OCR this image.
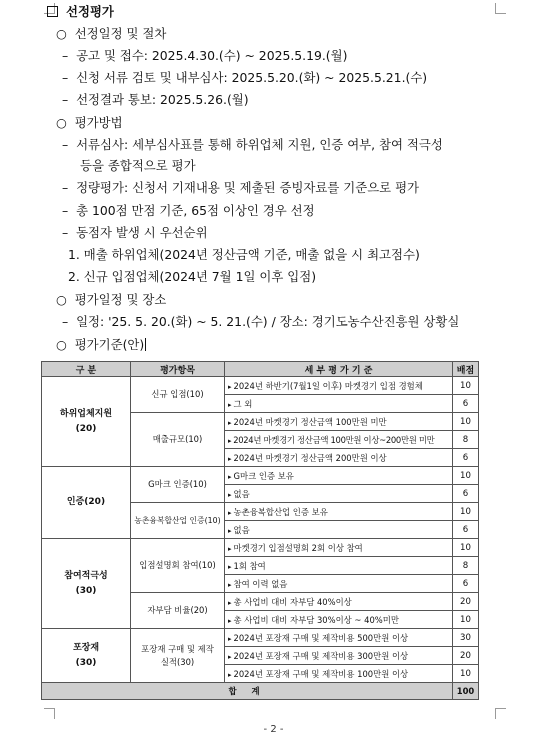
선정평가
○  선정일정 및 절차
–  공고 및 접수: 2025.4.30.(수) ~ 2025.5.19.(월)
–  신청 서류 검토 및 내부심사: 2025.5.20.(화) ~ 2025.5.21.(수)
–  선정결과 통보: 2025.5.26.(월)
○  평가방법
–  서류심사: 세부심사표를 통해 하위업체 지원, 인증 여부, 참여 적극성
등을 종합적으로 평가
–  정량평가: 신청서 기재내용 및 제출된 증빙자료를 기준으로 평가
–  총 100점 만점 기준, 65점 이상인 경우 선정
–  동점자 발생 시 우선순위
1. 매출 하위업체(2024년 정산금액 기준, 매출 없을 시 최고점수)
2. 신규 입점업체(2024년 7월 1일 이후 입점)
○  평가일정 및 장소
–  일정: '25. 5. 20.(화) ~ 5. 21.(수) / 장소: 경기도농수산진흥원 상황실
○  평가기준(안)
구 분	평가항목	세 부 평 가 기 준	배점
하위업체지원
(20)	신규 입점(10)	▸ 2024년 하반기(7월1일 이후) 마켓경기 입점 경험체	10
		▸ 그 외	6
	매출규모(10)	▸ 2024년 마켓경기 정산금액 100만원 미만	10
		▸ 2024년 마켓경기 정산금액 100만원 이상~200만원 미만	8
		▸ 2024년 마켓경기 정산금액 200만원 이상	6
인증(20)	G마크 인증(10)	▸ G마크 인증 보유	10
		▸ 없음	6
	농촌융복합산업 인증(10)	▸ 농촌융복합산업 인증 보유	10
		▸ 없음	6
참여적극성
(30)	입점설명회 참여(10)	▸ 마켓경기 입점설명회 2회 이상 참여	10
		▸ 1회 참여	8
		▸ 참여 이력 없음	6
	자부담 비율(20)	▸ 총 사업비 대비 자부담 40%이상	20
		▸ 총 사업비 대비 자부담 30%이상 ~ 40%미만	10
포장재
(30)	포장재 구매 및 제작
실적(30)	▸ 2024년 포장재 구매 및 제작비용 500만원 이상	30
		▸ 2024년 포장재 구매 및 제작비용 300만원 이상	20
		▸ 2024년 포장재 구매 및 제작비용 100만원 이상	10
합 계			100
- 2 -
